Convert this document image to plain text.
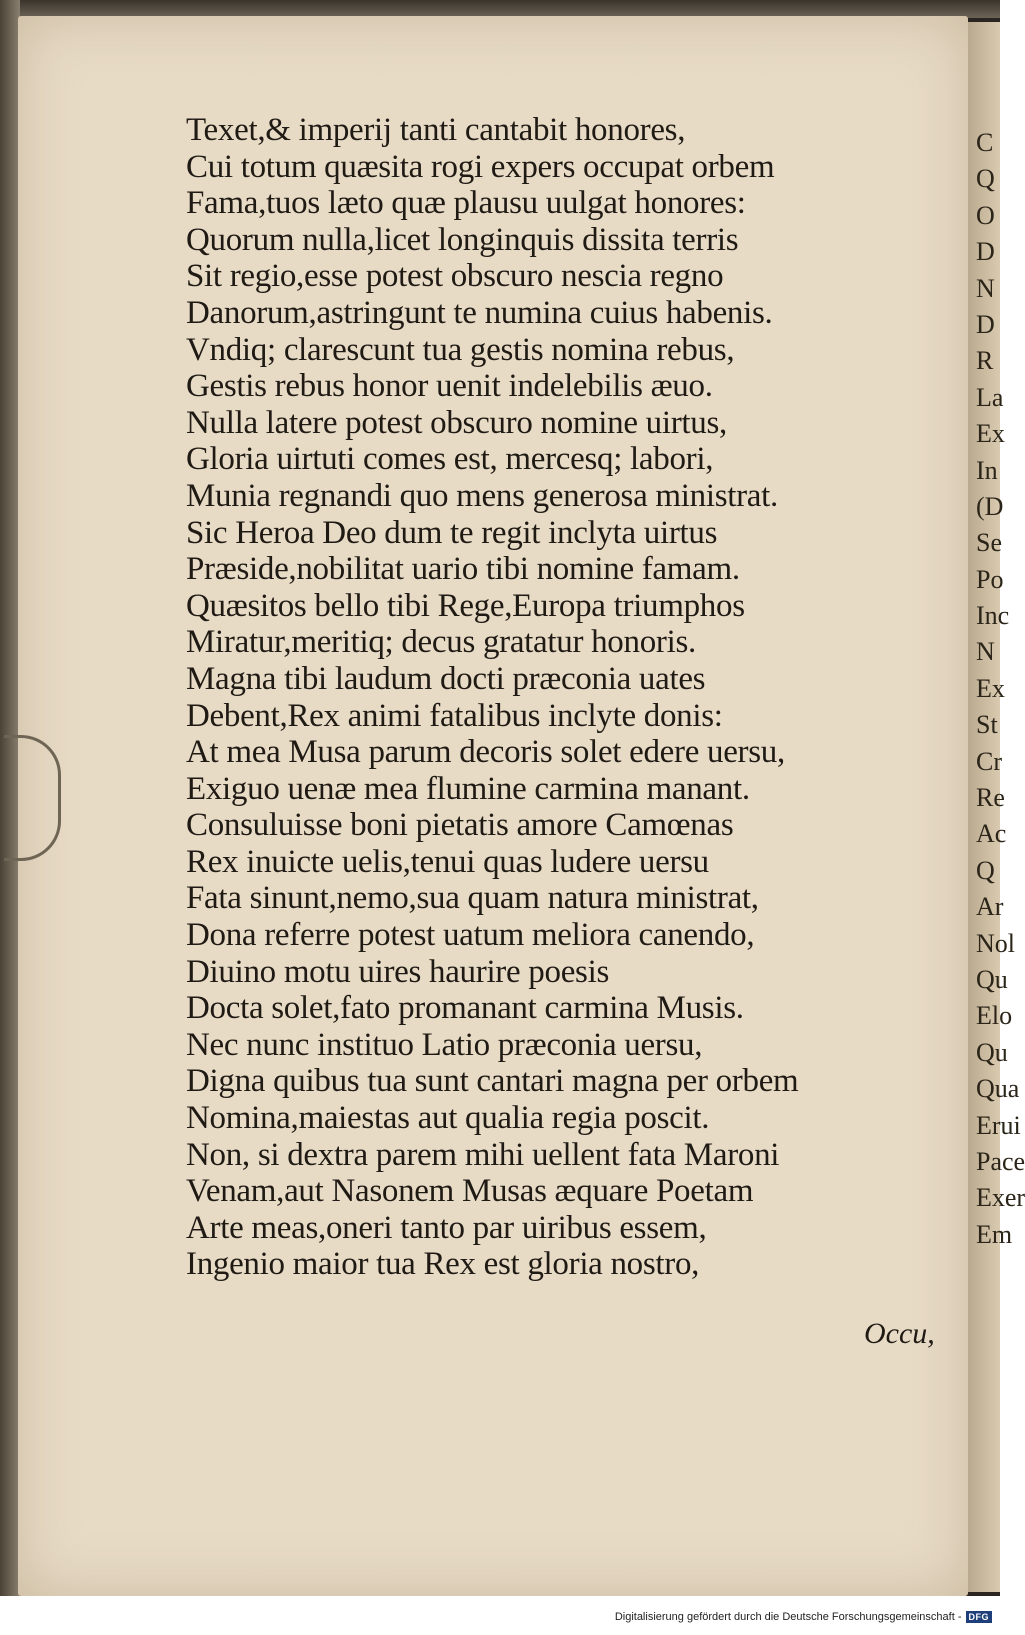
C
Q
O
D
N
D
R
La
Ex
In
(D
Se
Po
Inc
N
Ex
St
Cr
Re
Ac
Q
Ar
Nol
Qu
Elo
Qu
Qua
Erui
Pace
Exer
Em
Texet,& imperij tanti cantabit honores,
Cui totum quæsita rogi expers occupat orbem
Fama,tuos læto quæ plausu uulgat honores:
Quorum nulla,licet longinquis dissita terris
Sit regio,esse potest obscuro nescia regno
Danorum,astringunt te numina cuius habenis.
Vndiq; clarescunt tua gestis nomina rebus,
Gestis rebus honor uenit indelebilis æuo.
Nulla latere potest obscuro nomine uirtus,
Gloria uirtuti comes est, mercesq; labori,
Munia regnandi quo mens generosa ministrat.
Sic Heroa Deo dum te regit inclyta uirtus
Præside,nobilitat uario tibi nomine famam.
Quæsitos bello tibi Rege,Europa triumphos
Miratur,meritiq; decus gratatur honoris.
Magna tibi laudum docti præconia uates
Debent,Rex animi fatalibus inclyte donis:
At mea Musa parum decoris solet edere uersu,
Exiguo uenæ mea flumine carmina manant.
Consuluisse boni pietatis amore Camœnas
Rex inuicte uelis,tenui quas ludere uersu
Fata sinunt,nemo,sua quam natura ministrat,
Dona referre potest uatum meliora canendo,
Diuino motu uires haurire poesis
Docta solet,fato promanant carmina Musis.
Nec nunc instituo Latio præconia uersu,
Digna quibus tua sunt cantari magna per orbem
Nomina,maiestas aut qualia regia poscit.
Non, si dextra parem mihi uellent fata Maroni
Venam,aut Nasonem Musas æquare Poetam
Arte meas,oneri tanto par uiribus essem,
Ingenio maior tua Rex est gloria nostro,
Occu,
Digitalisierung gefördert durch die Deutsche Forschungsgemeinschaft - DFG
